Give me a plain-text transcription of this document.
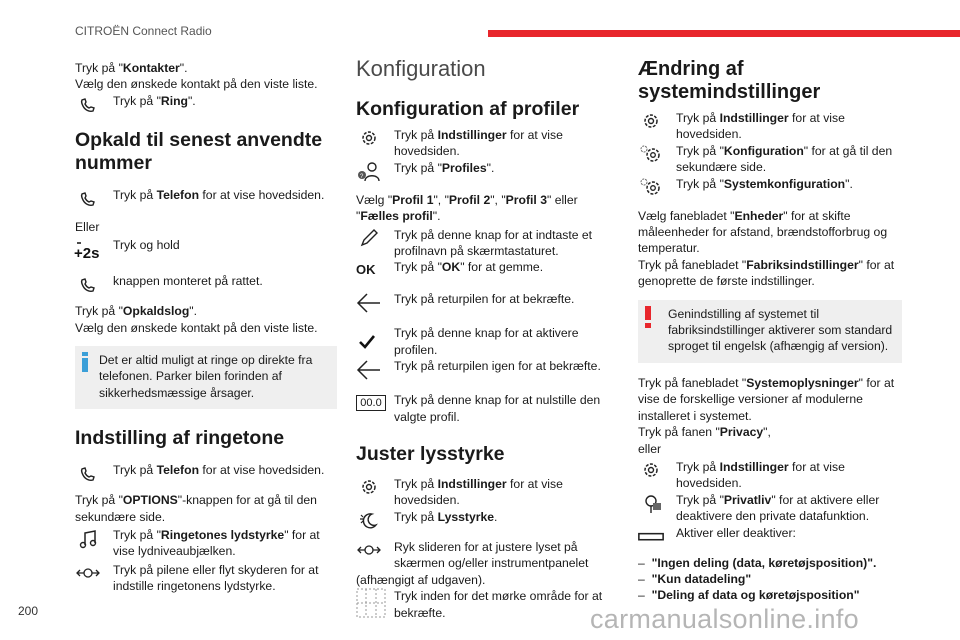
CITROËN Connect Radio

Tryk på "Kontakter".

Vælg den ønskede kontakt på den viste liste.

Tryk på "Ring".
Opkald til senest anvendte nummer
Tryk på Telefon for at vise hovedsiden.

Eller

+2s Tryk og hold
knappen monteret på rattet.

Tryk på "Opkaldslog".

Vælg den ønskede kontakt på den viste liste.

Det er altid muligt at ringe op direkte fra telefonen. Parker bilen forinden af sikkerhedsmæssige årsager.
Indstilling af ringetone
Tryk på Telefon for at vise hovedsiden.

Tryk på "OPTIONS"-knappen for at gå til den sekundære side.

Tryk på "Ringetones lydstyrke" for at vise lydniveaubjælken.
Tryk på pilene eller flyt skyderen for at indstille ringetonens lydstyrke.
Konfiguration
Konfiguration af profiler
Tryk på Indstillinger for at vise hovedsiden.
?
Tryk på "Profiles".

Vælg "Profil 1", "Profil 2", "Profil 3" eller "Fælles profil".

Tryk på denne knap for at indtaste et profilnavn på skærmtastaturet.
OK	Tryk på "OK" for at gemme.
Tryk på returpilen for at bekræfte.
Tryk på denne knap for at aktivere profilen.
Tryk på returpilen igen for at bekræfte.
00.0	Tryk på denne knap for at nulstille den valgte profil.
Juster lysstyrke
Tryk på Indstillinger for at vise hovedsiden.
Tryk på Lysstyrke.
Ryk slideren for at justere lyset på skærmen og/eller instrumentpanelet

(afhængigt af udgaven).

Tryk inden for det mørke område for at bekræfte.
Ændring af systemindstillinger
Tryk på Indstillinger for at vise hovedsiden.
Tryk på "Konfiguration" for at gå til den sekundære side.
Tryk på "Systemkonfiguration".

Vælg fanebladet "Enheder" for at skifte måleenheder for afstand, brændstofforbrug og temperatur.

Tryk på fanebladet "Fabriksindstillinger" for at genoprette de første indstillinger.

Genindstilling af systemet til fabriksindstillinger aktiverer som standard sproget til engelsk (afhængig af version).

Tryk på fanebladet "Systemoplysninger" for at vise de forskellige versioner af modulerne installeret i systemet.

Tryk på fanen "Privacy",

eller

Tryk på Indstillinger for at vise hovedsiden.
Tryk på "Privatliv" for at aktivere eller deaktivere den private datafunktion.
Aktiver eller deaktiver:

– "Ingen deling (data, køretøjsposition)".

– "Kun datadeling"

– "Deling af data og køretøjsposition"

200	carmanualsonline.info
